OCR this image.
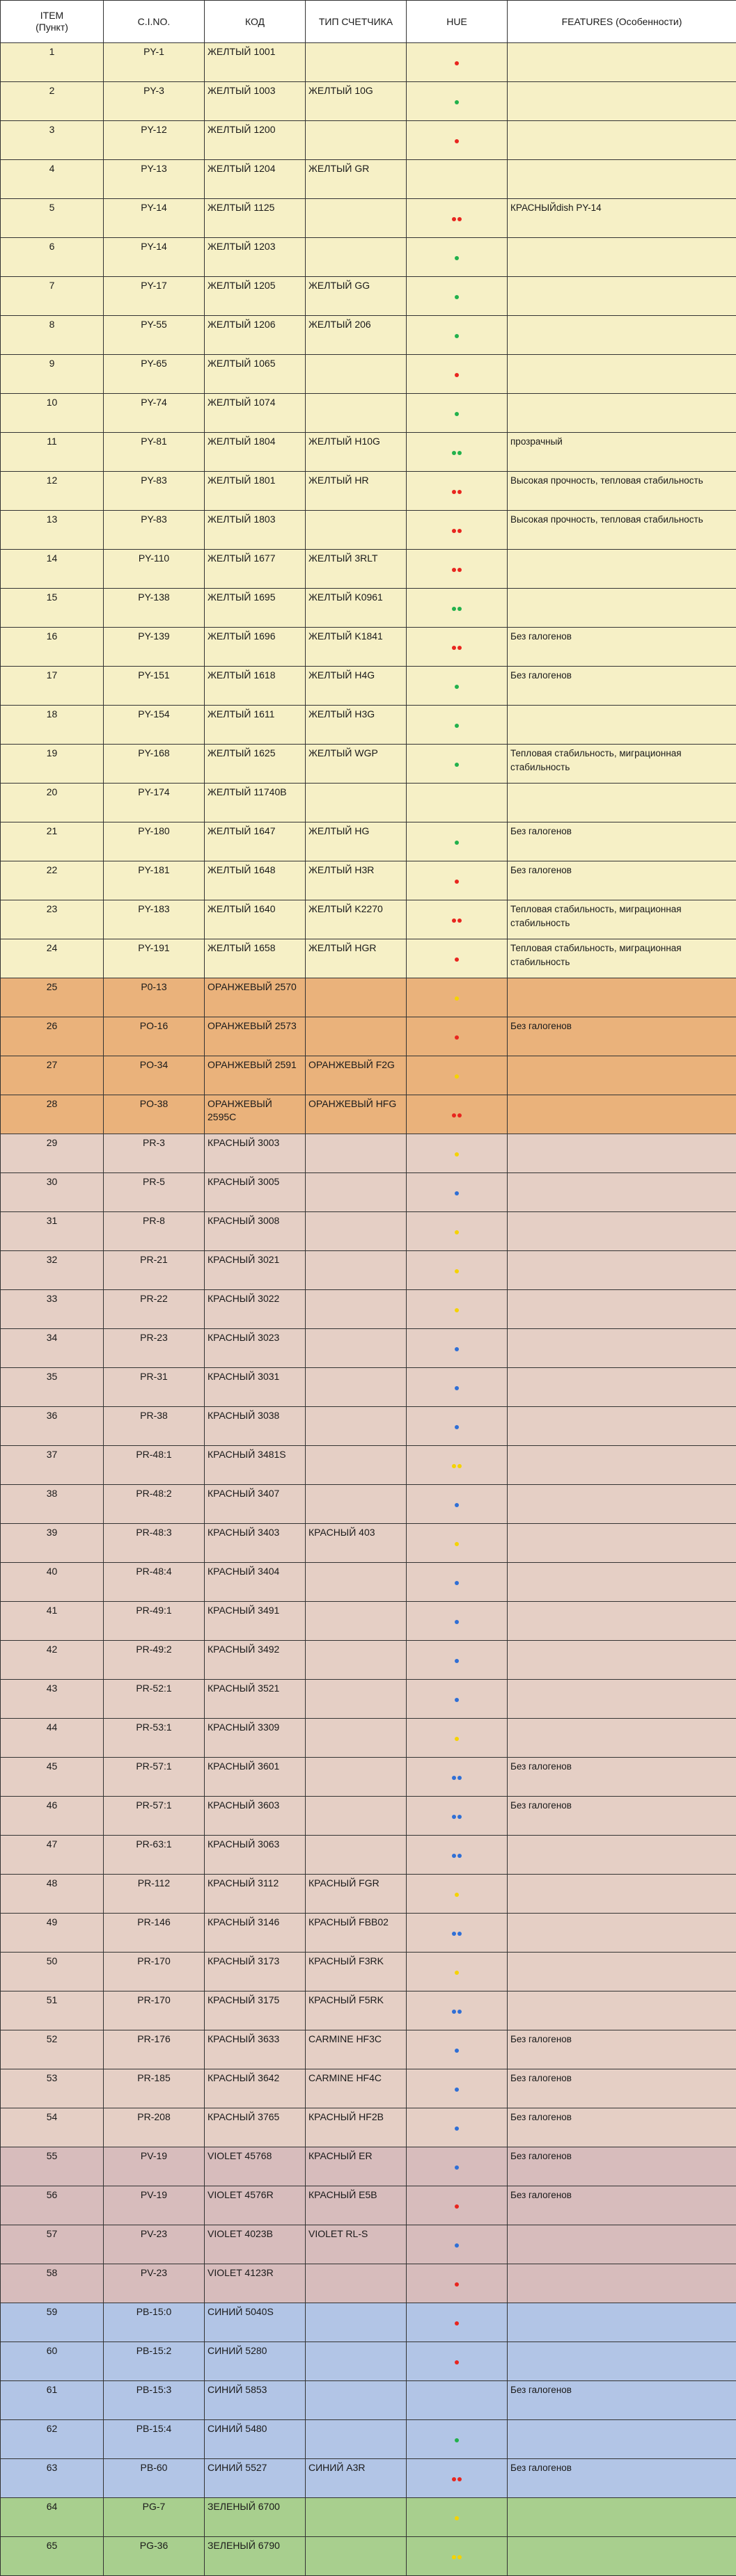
ITEM
(Пункт)	C.I.NO.	КОД	ТИП СЧЕТЧИКА	HUE	FEATURES (Особенности)
1	PY-1	ЖЕЛТЫЙ 1001		

2	PY-3	ЖЕЛТЫЙ 1003	ЖЕЛТЫЙ 10G	

3	PY-12	ЖЕЛТЫЙ 1200		

4	PY-13	ЖЕЛТЫЙ 1204	ЖЕЛТЫЙ GR		
5	PY-14	ЖЕЛТЫЙ 1125			КРАСНЫЙdish PY-14
6	PY-14	ЖЕЛТЫЙ 1203		

7	PY-17	ЖЕЛТЫЙ 1205	ЖЕЛТЫЙ GG	

8	PY-55	ЖЕЛТЫЙ 1206	ЖЕЛТЫЙ 206	

9	PY-65	ЖЕЛТЫЙ 1065		

10	PY-74	ЖЕЛТЫЙ 1074		

11	PY-81	ЖЕЛТЫЙ 1804	ЖЕЛТЫЙ H10G		прозрачный
12	PY-83	ЖЕЛТЫЙ 1801	ЖЕЛТЫЙ HR		Высокая прочность, тепловая стабильность
13	PY-83	ЖЕЛТЫЙ 1803			Высокая прочность, тепловая стабильность
14	PY-110	ЖЕЛТЫЙ 1677	ЖЕЛТЫЙ 3RLT	

15	PY-138	ЖЕЛТЫЙ 1695	ЖЕЛТЫЙ K0961	

16	PY-139	ЖЕЛТЫЙ 1696	ЖЕЛТЫЙ K1841		Без галогенов
17	PY-151	ЖЕЛТЫЙ 1618	ЖЕЛТЫЙ H4G		Без галогенов
18	PY-154	ЖЕЛТЫЙ 1611	ЖЕЛТЫЙ H3G	

19	PY-168	ЖЕЛТЫЙ 1625	ЖЕЛТЫЙ WGP		Тепловая стабильность, миграционная стабильность
20	PY-174	ЖЕЛТЫЙ 11740B			
21	PY-180	ЖЕЛТЫЙ 1647	ЖЕЛТЫЙ HG		Без галогенов
22	PY-181	ЖЕЛТЫЙ 1648	ЖЕЛТЫЙ H3R		Без галогенов
23	PY-183	ЖЕЛТЫЙ 1640	ЖЕЛТЫЙ K2270		Тепловая стабильность, миграционная стабильность
24	PY-191	ЖЕЛТЫЙ 1658	ЖЕЛТЫЙ HGR		Тепловая стабильность, миграционная стабильность
25	P0-13	ОРАНЖЕВЫЙ 2570		

26	PO-16	ОРАНЖЕВЫЙ 2573			Без галогенов
27	PO-34	ОРАНЖЕВЫЙ 2591	ОРАНЖЕВЫЙ F2G	

28	PO-38	ОРАНЖЕВЫЙ 2595C	ОРАНЖЕВЫЙ HFG	

29	PR-3	КРАСНЫЙ 3003		

30	PR-5	КРАСНЫЙ 3005		

31	PR-8	КРАСНЫЙ 3008		

32	PR-21	КРАСНЫЙ 3021		

33	PR-22	КРАСНЫЙ 3022		

34	PR-23	КРАСНЫЙ 3023		

35	PR-31	КРАСНЫЙ 3031		

36	PR-38	КРАСНЫЙ 3038		

37	PR-48:1	КРАСНЫЙ 3481S		

38	PR-48:2	КРАСНЫЙ 3407		

39	PR-48:3	КРАСНЫЙ 3403	КРАСНЫЙ 403	

40	PR-48:4	КРАСНЫЙ 3404		

41	PR-49:1	КРАСНЫЙ 3491		

42	PR-49:2	КРАСНЫЙ 3492		

43	PR-52:1	КРАСНЫЙ 3521		

44	PR-53:1	КРАСНЫЙ 3309		

45	PR-57:1	КРАСНЫЙ 3601			Без галогенов
46	PR-57:1	КРАСНЫЙ 3603			Без галогенов
47	PR-63:1	КРАСНЫЙ 3063		

48	PR-112	КРАСНЫЙ 3112	КРАСНЫЙ FGR	

49	PR-146	КРАСНЫЙ 3146	КРАСНЫЙ FBB02	

50	PR-170	КРАСНЫЙ 3173	КРАСНЫЙ F3RK	

51	PR-170	КРАСНЫЙ 3175	КРАСНЫЙ F5RK	

52	PR-176	КРАСНЫЙ 3633	CARMINE HF3C		Без галогенов
53	PR-185	КРАСНЫЙ 3642	CARMINE HF4C		Без галогенов
54	PR-208	КРАСНЫЙ 3765	КРАСНЫЙ HF2B		Без галогенов
55	PV-19	VIOLET 45768	КРАСНЫЙ ER		Без галогенов
56	PV-19	VIOLET 4576R	КРАСНЫЙ E5B		Без галогенов
57	PV-23	VIOLET 4023B	VIOLET RL-S	

58	PV-23	VIOLET 4123R		

59	PB-15:0	СИНИЙ 5040S		

60	PB-15:2	СИНИЙ 5280		

61	PB-15:3	СИНИЙ 5853			Без галогенов
62	PB-15:4	СИНИЙ 5480		

63	PB-60	СИНИЙ 5527	СИНИЙ A3R		Без галогенов
64	PG-7	ЗЕЛЕНЫЙ 6700		

65	PG-36	ЗЕЛЕНЫЙ 6790		
